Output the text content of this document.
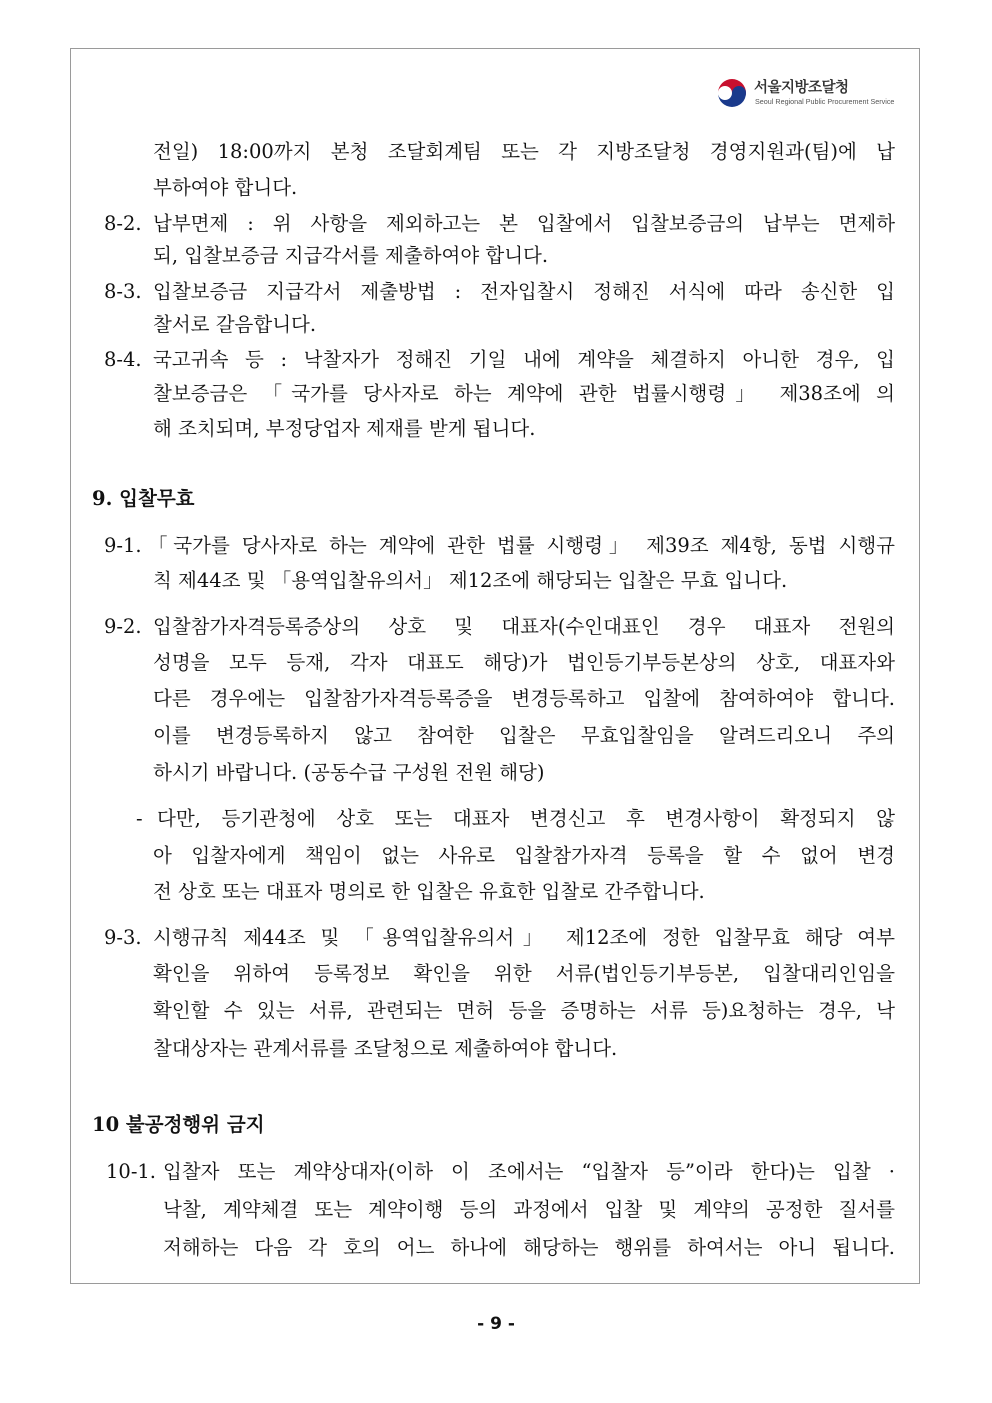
서울지방조달청
Seoul Regional Public Procurement Service
전일) 18:00까지 본청 조달회계팀 또는 각 지방조달청 경영지원과(팀)에 납
부하여야 합니다.
8-2. 납부면제 : 위 사항을 제외하고는 본 입찰에서 입찰보증금의 납부는 면제하
되, 입찰보증금 지급각서를 제출하여야 합니다.
8-3. 입찰보증금 지급각서 제출방법 : 전자입찰시 정해진 서식에 따라 송신한 입
찰서로 갈음합니다.
8-4. 국고귀속 등 : 낙찰자가 정해진 기일 내에 계약을 체결하지 아니한 경우, 입
찰보증금은 「국가를 당사자로 하는 계약에 관한 법률시행령」 제38조에 의
해 조치되며, 부정당업자 제재를 받게 됩니다.
9. 입찰무효
9-1. 「국가를 당사자로 하는 계약에 관한 법률 시행령」 제39조 제4항, 동법 시행규
칙 제44조 및 「용역입찰유의서」 제12조에 해당되는 입찰은 무효 입니다.
9-2. 입찰참가자격등록증상의 상호 및 대표자(수인대표인 경우 대표자 전원의
성명을 모두 등재, 각자 대표도 해당)가 법인등기부등본상의 상호, 대표자와
다른 경우에는 입찰참가자격등록증을 변경등록하고 입찰에 참여하여야 합니다.
이를 변경등록하지 않고 참여한 입찰은 무효입찰임을 알려드리오니 주의
하시기 바랍니다. (공동수급 구성원 전원 해당)
- 다만, 등기관청에 상호 또는 대표자 변경신고 후 변경사항이 확정되지 않
아 입찰자에게 책임이 없는 사유로 입찰참가자격 등록을 할 수 없어 변경
전 상호 또는 대표자 명의로 한 입찰은 유효한 입찰로 간주합니다.
9-3. 시행규칙 제44조 및 「용역입찰유의서」 제12조에 정한 입찰무효 해당 여부
확인을 위하여 등록정보 확인을 위한 서류(법인등기부등본, 입찰대리인임을
확인할 수 있는 서류, 관련되는 면허 등을 증명하는 서류 등)요청하는 경우, 낙
찰대상자는 관계서류를 조달청으로 제출하여야 합니다.
10 불공정행위 금지
10-1. 입찰자 또는 계약상대자(이하 이 조에서는 “입찰자 등”이라 한다)는 입찰 ·
낙찰, 계약체결 또는 계약이행 등의 과정에서 입찰 및 계약의 공정한 질서를
저해하는 다음 각 호의 어느 하나에 해당하는 행위를 하여서는 아니 됩니다.
- 9 -
